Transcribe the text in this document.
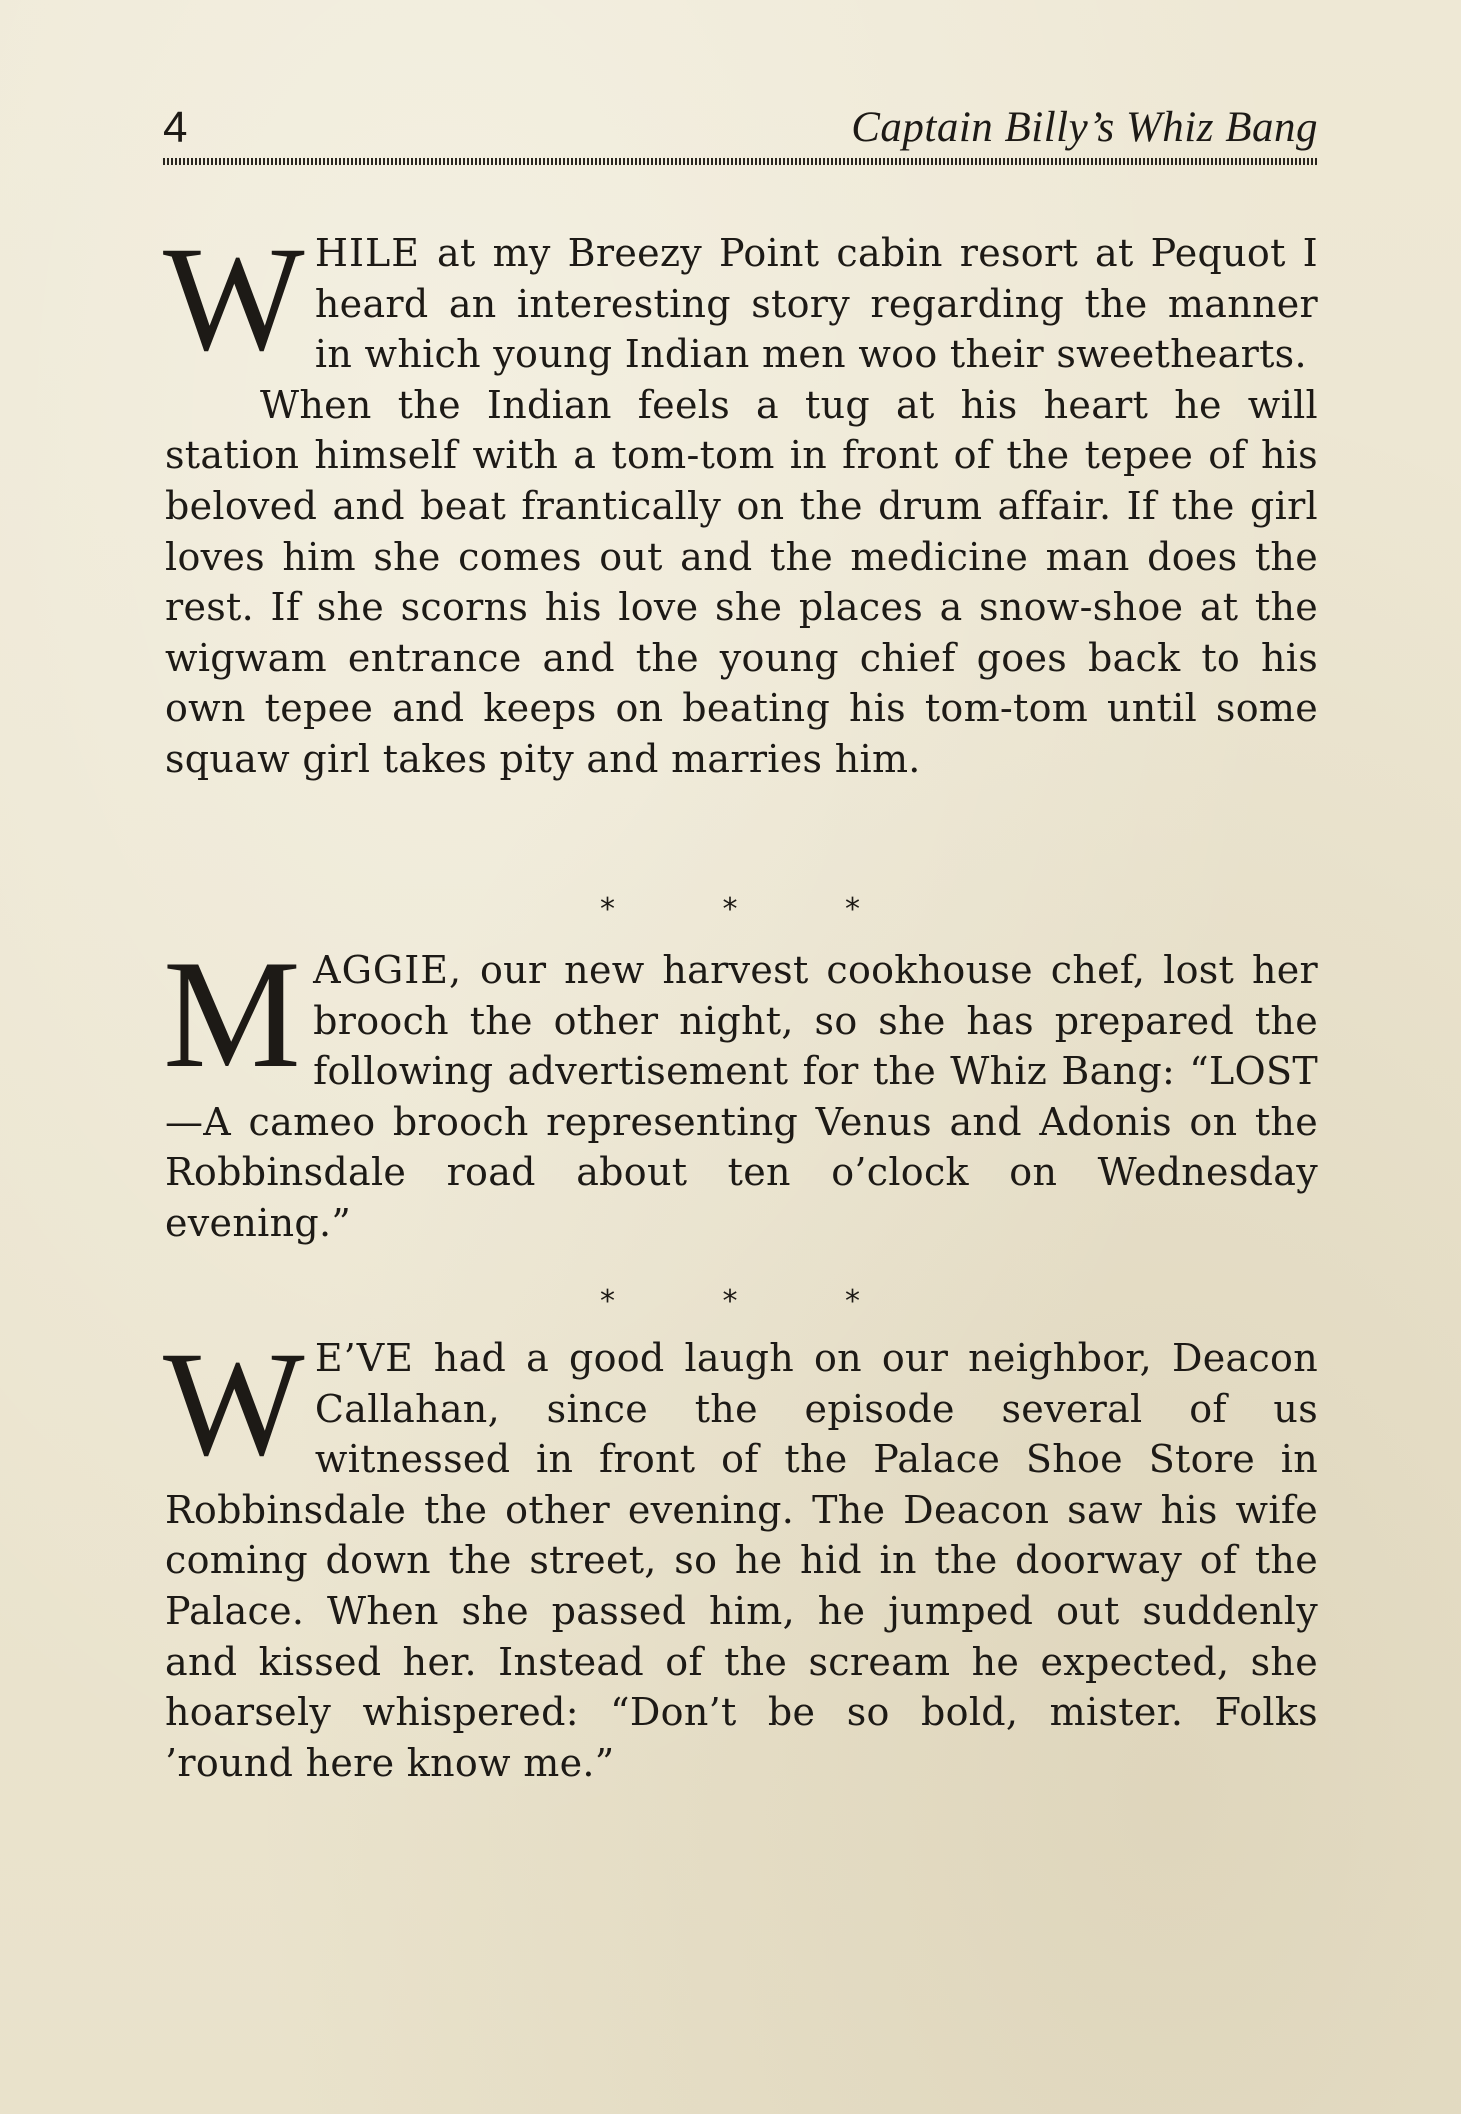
4	Captain Billy’s Whiz Bang

WHILE at my Breezy Point cabin resort at Pequot I heard an interesting story regarding the manner in which young Indian men woo their sweethearts.

When the Indian feels a tug at his heart he will station himself with a tom-tom in front of the tepee of his beloved and beat frantically on the drum affair. If the girl loves him she comes out and the medicine man does the rest. If she scorns his love she places a snow-shoe at the wigwam entrance and the young chief goes back to his own tepee and keeps on beating his tom-tom until some squaw girl takes pity and marries him.

*	*	*

MAGGIE, our new harvest cookhouse chef, lost her brooch the other night, so she has prepared the following advertisement for the Whiz Bang: “LOST—A cameo brooch representing Venus and Adonis on the Robbinsdale road about ten o’clock on Wednesday evening.”

*	*	*

W E’VE had a good laugh on our neighbor, Deacon Callahan, since the episode several of us witnessed in front of the Palace Shoe Store in Robbinsdale the other evening. The Deacon saw his wife coming down the street, so he hid in the doorway of the Palace. When she passed him, he jumped out suddenly and kissed her. Instead of the scream he expected, she hoarsely whispered: “Don’t be so bold, mister. Folks ’round here know me.”
